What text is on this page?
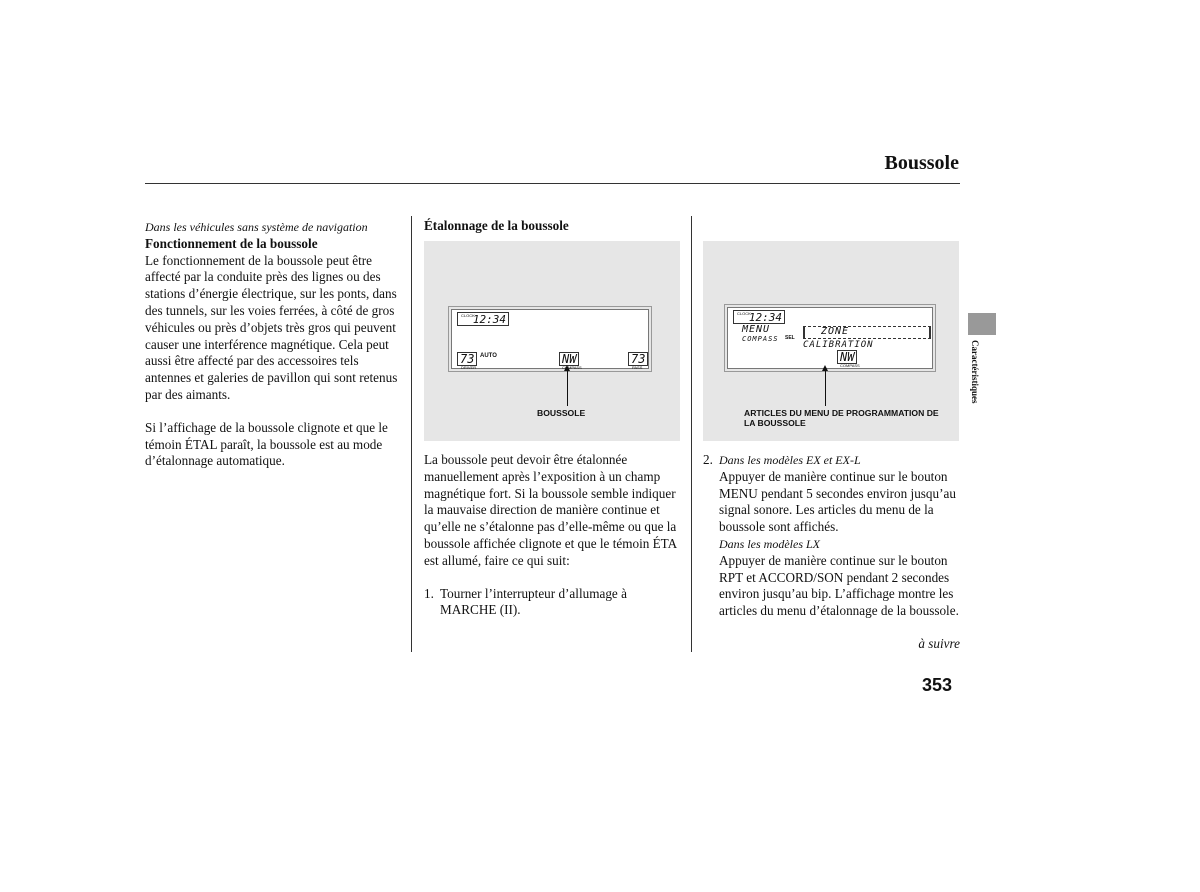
Boussole

Dans les véhicules sans système de navigation

Fonctionnement de la boussole

Le fonctionnement de la boussole peut être affecté par la conduite près des lignes ou des stations d’énergie électrique, sur les ponts, dans des tunnels, sur les voies ferrées, à côté de gros véhicules ou près d’objets très gros qui peuvent causer une interférence magnétique. Cela peut aussi être affecté par des accessoires tels antennes et galeries de pavillon qui sont retenus par des aimants.

Si l’affichage de la boussole clignote et que le témoin ÉTAL paraît, la boussole est au mode d’étalonnage automatique.

Étalonnage de la boussole
12:34
CLOCK
73
DRIVER
AUTO	NW
COMPASS
73
PASS
BOUSSOLE
12:34
CLOCK
MENU
COMPASS SEL
ZONE
CALIBRATION
NW
COMPASS
ARTICLES DU MENU DE PROGRAMMATION DE LA BOUSSOLE

La boussole peut devoir être étalonnée manuellement après l’exposition à un champ magnétique fort. Si la boussole semble indiquer la mauvaise direction de manière continue et qu’elle ne s’étalonne pas d’elle-même ou que la boussole affichée clignote et que le témoin ÉTA est allumé, faire ce qui suit:

1. Tourner l’interrupteur d’allumage à MARCHE (II).
2. Dans les modèles EX et EX-L

Appuyer de manière continue sur le bouton MENU pendant 5 secondes environ jusqu’au signal sonore. Les articles du menu de la boussole sont affichés.

Dans les modèles LX

Appuyer de manière continue sur le bouton RPT et ACCORD/SON pendant 2 secondes environ jusqu’au bip. L’affichage montre les articles du menu d’étalonnage de la boussole.

à suivre
Caractéristiques
353
